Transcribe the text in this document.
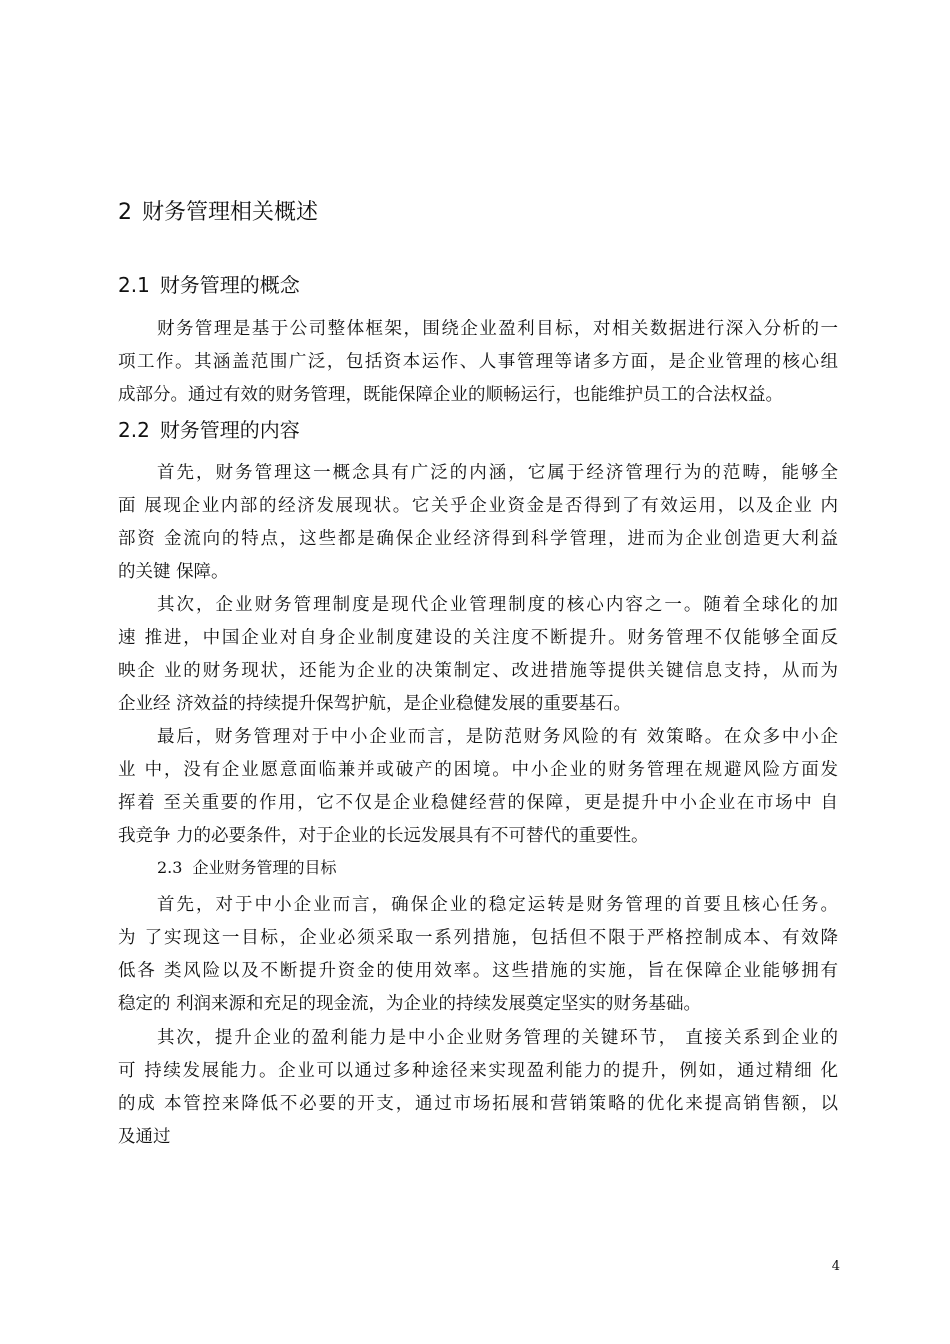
2 财务管理相关概述
2.1 财务管理的概念
财务管理是基于公司整体框架，围绕企业盈利目标，对相关数据进行深入分析的一
项工作。其涵盖范围广泛，包括资本运作、人事管理等诸多方面，是企业管理的核心组
成部分。通过有效的财务管理，既能保障企业的顺畅运行，也能维护员工的合法权益。
2.2 财务管理的内容
首先，财务管理这一概念具有广泛的内涵，它属于经济管理行为的范畴，能够全
面 展现企业内部的经济发展现状。它关乎企业资金是否得到了有效运用，以及企业 内
部资 金流向的特点，这些都是确保企业经济得到科学管理，进而为企业创造更大利益
的关键 保障。
其次，企业财务管理制度是现代企业管理制度的核心内容之一。随着全球化的加
速 推进，中国企业对自身企业制度建设的关注度不断提升。财务管理不仅能够全面反
映企 业的财务现状，还能为企业的决策制定、改进措施等提供关键信息支持，从而为
企业经 济效益的持续提升保驾护航，是企业稳健发展的重要基石。
最后，财务管理对于中小企业而言，是防范财务风险的有 效策略。在众多中小企
业 中，没有企业愿意面临兼并或破产的困境。中小企业的财务管理在规避风险方面发
挥着 至关重要的作用，它不仅是企业稳健经营的保障，更是提升中小企业在市场中 自
我竞争 力的必要条件，对于企业的长远发展具有不可替代的重要性。
2.3 企业财务管理的目标
首先，对于中小企业而言，确保企业的稳定运转是财务管理的首要且核心任务。
为 了实现这一目标，企业必须采取一系列措施，包括但不限于严格控制成本、有效降
低各 类风险以及不断提升资金的使用效率。这些措施的实施，旨在保障企业能够拥有
稳定的 利润来源和充足的现金流，为企业的持续发展奠定坚实的财务基础。
其次，提升企业的盈利能力是中小企业财务管理的关键环节， 直接关系到企业的
可 持续发展能力。企业可以通过多种途径来实现盈利能力的提升，例如，通过精细 化
的成 本管控来降低不必要的开支，通过市场拓展和营销策略的优化来提高销售额，以
及通过
4
